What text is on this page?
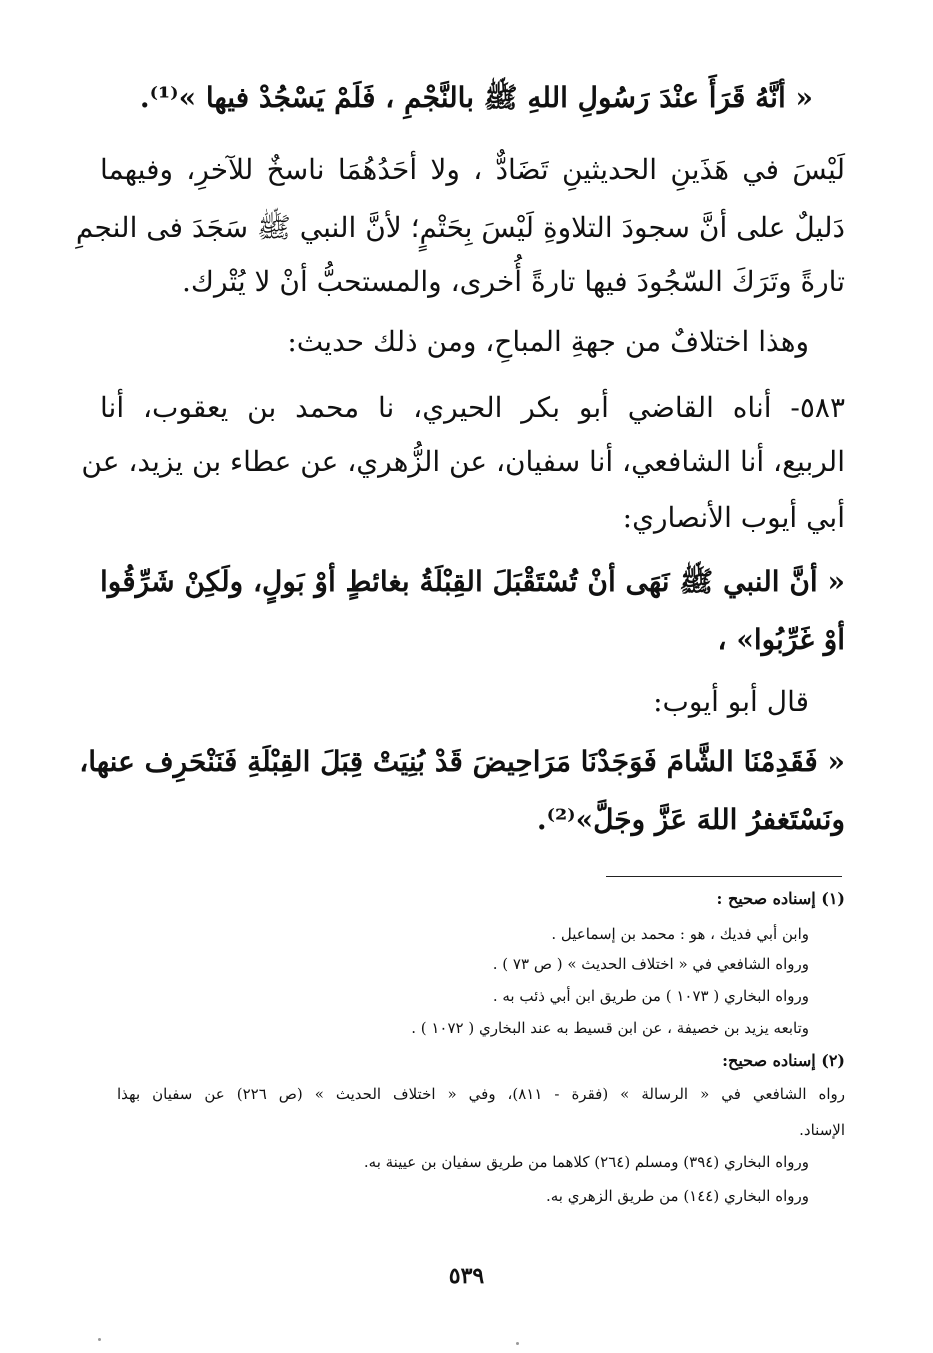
« أنَّهُ قَرَأَ عنْدَ رَسُولِ اللهِ ﷺ بالنَّجْمِ ، فَلَمْ يَسْجُدْ فيها »⁽¹⁾.
لَيْسَ في هَذَينِ الحديثينِ تَضَادٌّ ، ولا أحَدُهُمَا ناسخٌ للآخرِ، وفيهما
دَليلٌ على أنَّ سجودَ التلاوةِ لَيْسَ بِحَتْمٍ؛ لأنَّ النبي ﷺ سَجَدَ فى النجمِ
تارةً وتَرَكَ السّجُودَ فيها تارةً أُخرى، والمستحبُّ أنْ لا يُتْرك.
وهذا اختلافٌ من جهةِ المباحِ، ومن ذلك حديث:
٥٨٣- أناه القاضي أبو بكر الحيري، نا محمد بن يعقوب، أنا
الربيع، أنا الشافعي، أنا سفيان، عن الزُّهري، عن عطاء بن يزيد، عن
أبي أيوب الأنصاري:
« أنَّ النبي ﷺ نَهَى أنْ تُسْتَقْبَلَ القِبْلَةُ بغائطٍ أوْ بَولٍ، ولَكِنْ شَرِّقُوا
أوْ غَرِّبُوا» ،
قال أبو أيوب:
« فَقَدِمْنَا الشَّامَ فَوَجَدْنَا مَرَاحِيضَ قَدْ بُنِيَتْ قِبَلَ القِبْلَةِ فَنَنْحَرِف عنها،
ونَسْتَغفرُ اللهَ عَزَّ وجَلَّ»⁽²⁾.
(١) إسناده صحيح :
وابن أبي فديك ، هو : محمد بن إسماعيل .
ورواه الشافعي في « اختلاف الحديث » ( ص ٧٣ ) .
ورواه البخاري ( ١٠٧٣ ) من طريق ابن أبي ذئب به .
وتابعه يزيد بن خصيفة ، عن ابن قسيط به عند البخاري ( ١٠٧٢ ) .
(٢) إسناده صحيح:
رواه الشافعي في « الرسالة » (فقرة - ٨١١)، وفي « اختلاف الحديث » (ص ٢٢٦) عن سفيان بهذا
الإسناد.
ورواه البخاري (٣٩٤) ومسلم (٢٦٤) كلاهما من طريق سفيان بن عيينة به.
ورواه البخاري (١٤٤) من طريق الزهري به.
٥٣٩
